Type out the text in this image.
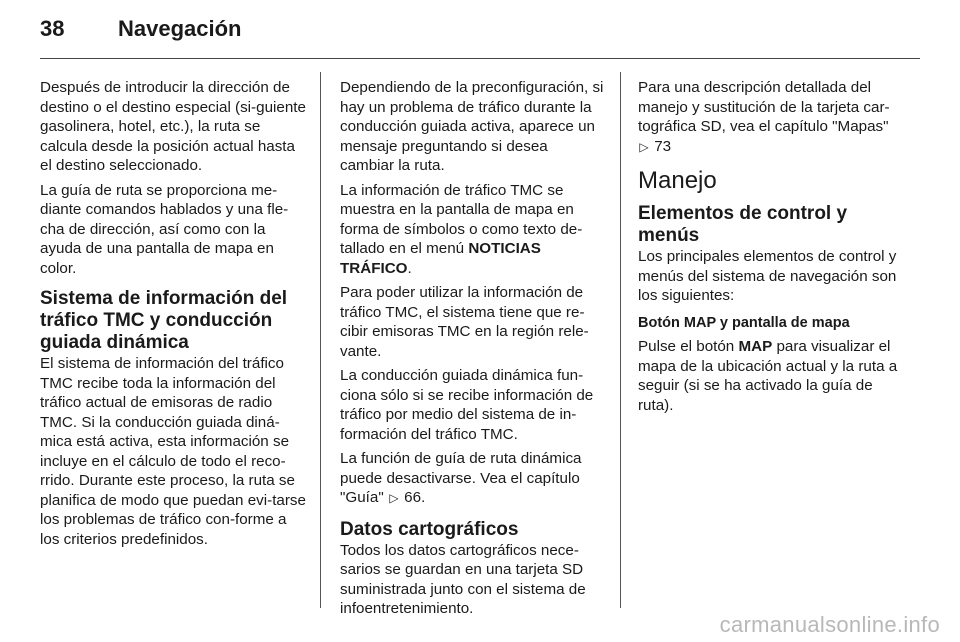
38 Navegación

Después de introducir la dirección de destino o el destino especial (si-guiente gasolinera, hotel, etc.), la ruta se calcula desde la posición actual hasta el destino seleccionado.

La guía de ruta se proporciona me-diante comandos hablados y una fle-cha de dirección, así como con la ayuda de una pantalla de mapa en color.

Sistema de información del tráfico TMC y conducción guiada dinámica

El sistema de información del tráfico TMC recibe toda la información del tráfico actual de emisoras de radio TMC. Si la conducción guiada diná-mica está activa, esta información se incluye en el cálculo de todo el reco-rrido. Durante este proceso, la ruta se planifica de modo que puedan evi-tarse los problemas de tráfico con-forme a los criterios predefinidos.

Dependiendo de la preconfiguración, si hay un problema de tráfico durante la conducción guiada activa, aparece un mensaje preguntando si desea cambiar la ruta.

La información de tráfico TMC se muestra en la pantalla de mapa en forma de símbolos o como texto de-tallado en el menú NOTICIAS TRÁFICO.

Para poder utilizar la información de tráfico TMC, el sistema tiene que re-cibir emisoras TMC en la región rele-vante.

La conducción guiada dinámica fun-ciona sólo si se recibe información de tráfico por medio del sistema de in-formación del tráfico TMC.

La función de guía de ruta dinámica puede desactivarse. Vea el capítulo "Guía" ▷ 66.

Datos cartográficos

Todos los datos cartográficos nece-sarios se guardan en una tarjeta SD suministrada junto con el sistema de infoentretenimiento.

Para una descripción detallada del manejo y sustitución de la tarjeta car-tográfica SD, vea el capítulo "Mapas" ▷ 73

Manejo
Elementos de control y menús

Los principales elementos de control y menús del sistema de navegación son los siguientes:

Botón MAP y pantalla de mapa

Pulse el botón MAP para visualizar el mapa de la ubicación actual y la ruta a seguir (si se ha activado la guía de ruta).

carmanualsonline.info
